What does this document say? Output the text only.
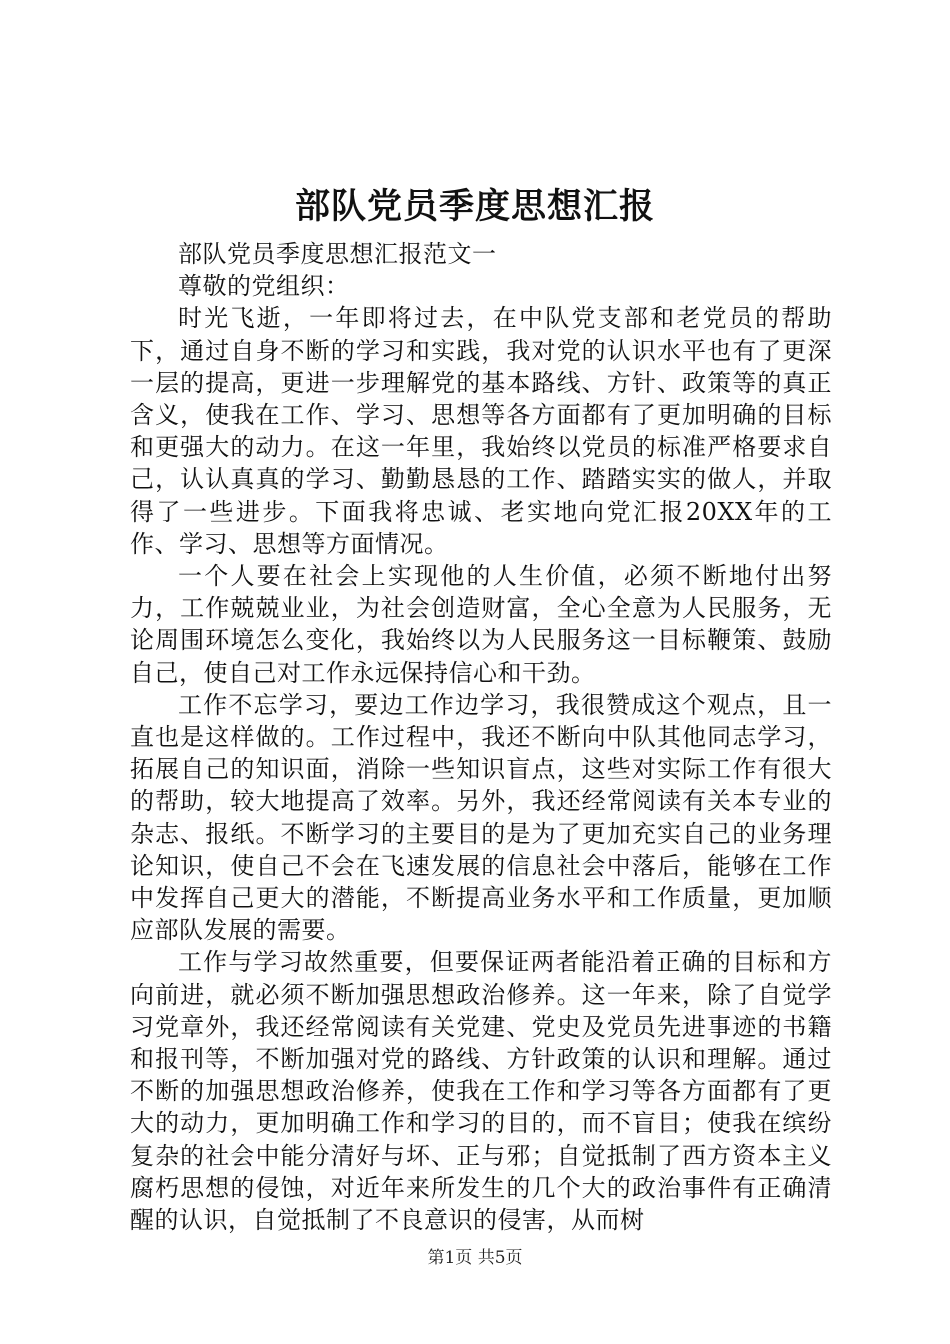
部队党员季度思想汇报

部队党员季度思想汇报范文一

尊敬的党组织：

时光飞逝，一年即将过去，在中队党支部和老党员的帮助下，通过自身不断的学习和实践，我对党的认识水平也有了更深一层的提高，更进一步理解党的基本路线、方针、政策等的真正含义，使我在工作、学习、思想等各方面都有了更加明确的目标和更强大的动力。在这一年里，我始终以党员的标准严格要求自己，认认真真的学习、勤勤恳恳的工作、踏踏实实的做人，并取得了一些进步。下面我将忠诚、老实地向党汇报20XX年的工作、学习、思想等方面情况。

一个人要在社会上实现他的人生价值，必须不断地付出努力，工作兢兢业业，为社会创造财富，全心全意为人民服务，无论周围环境怎么变化，我始终以为人民服务这一目标鞭策、鼓励自己，使自己对工作永远保持信心和干劲。

工作不忘学习，要边工作边学习，我很赞成这个观点，且一直也是这样做的。工作过程中，我还不断向中队其他同志学习，拓展自己的知识面，消除一些知识盲点，这些对实际工作有很大的帮助，较大地提高了效率。另外，我还经常阅读有关本专业的杂志、报纸。不断学习的主要目的是为了更加充实自己的业务理论知识，使自己不会在飞速发展的信息社会中落后，能够在工作中发挥自己更大的潜能，不断提高业务水平和工作质量，更加顺应部队发展的需要。

工作与学习故然重要，但要保证两者能沿着正确的目标和方向前进，就必须不断加强思想政治修养。这一年来，除了自觉学习党章外，我还经常阅读有关党建、党史及党员先进事迹的书籍和报刊等，不断加强对党的路线、方针政策的认识和理解。通过不断的加强思想政治修养，使我在工作和学习等各方面都有了更大的动力，更加明确工作和学习的目的，而不盲目；使我在缤纷复杂的社会中能分清好与坏、正与邪；自觉抵制了西方资本主义腐朽思想的侵蚀，对近年来所发生的几个大的政治事件有正确清醒的认识，自觉抵制了不良意识的侵害，从而树

第1页 共5页
